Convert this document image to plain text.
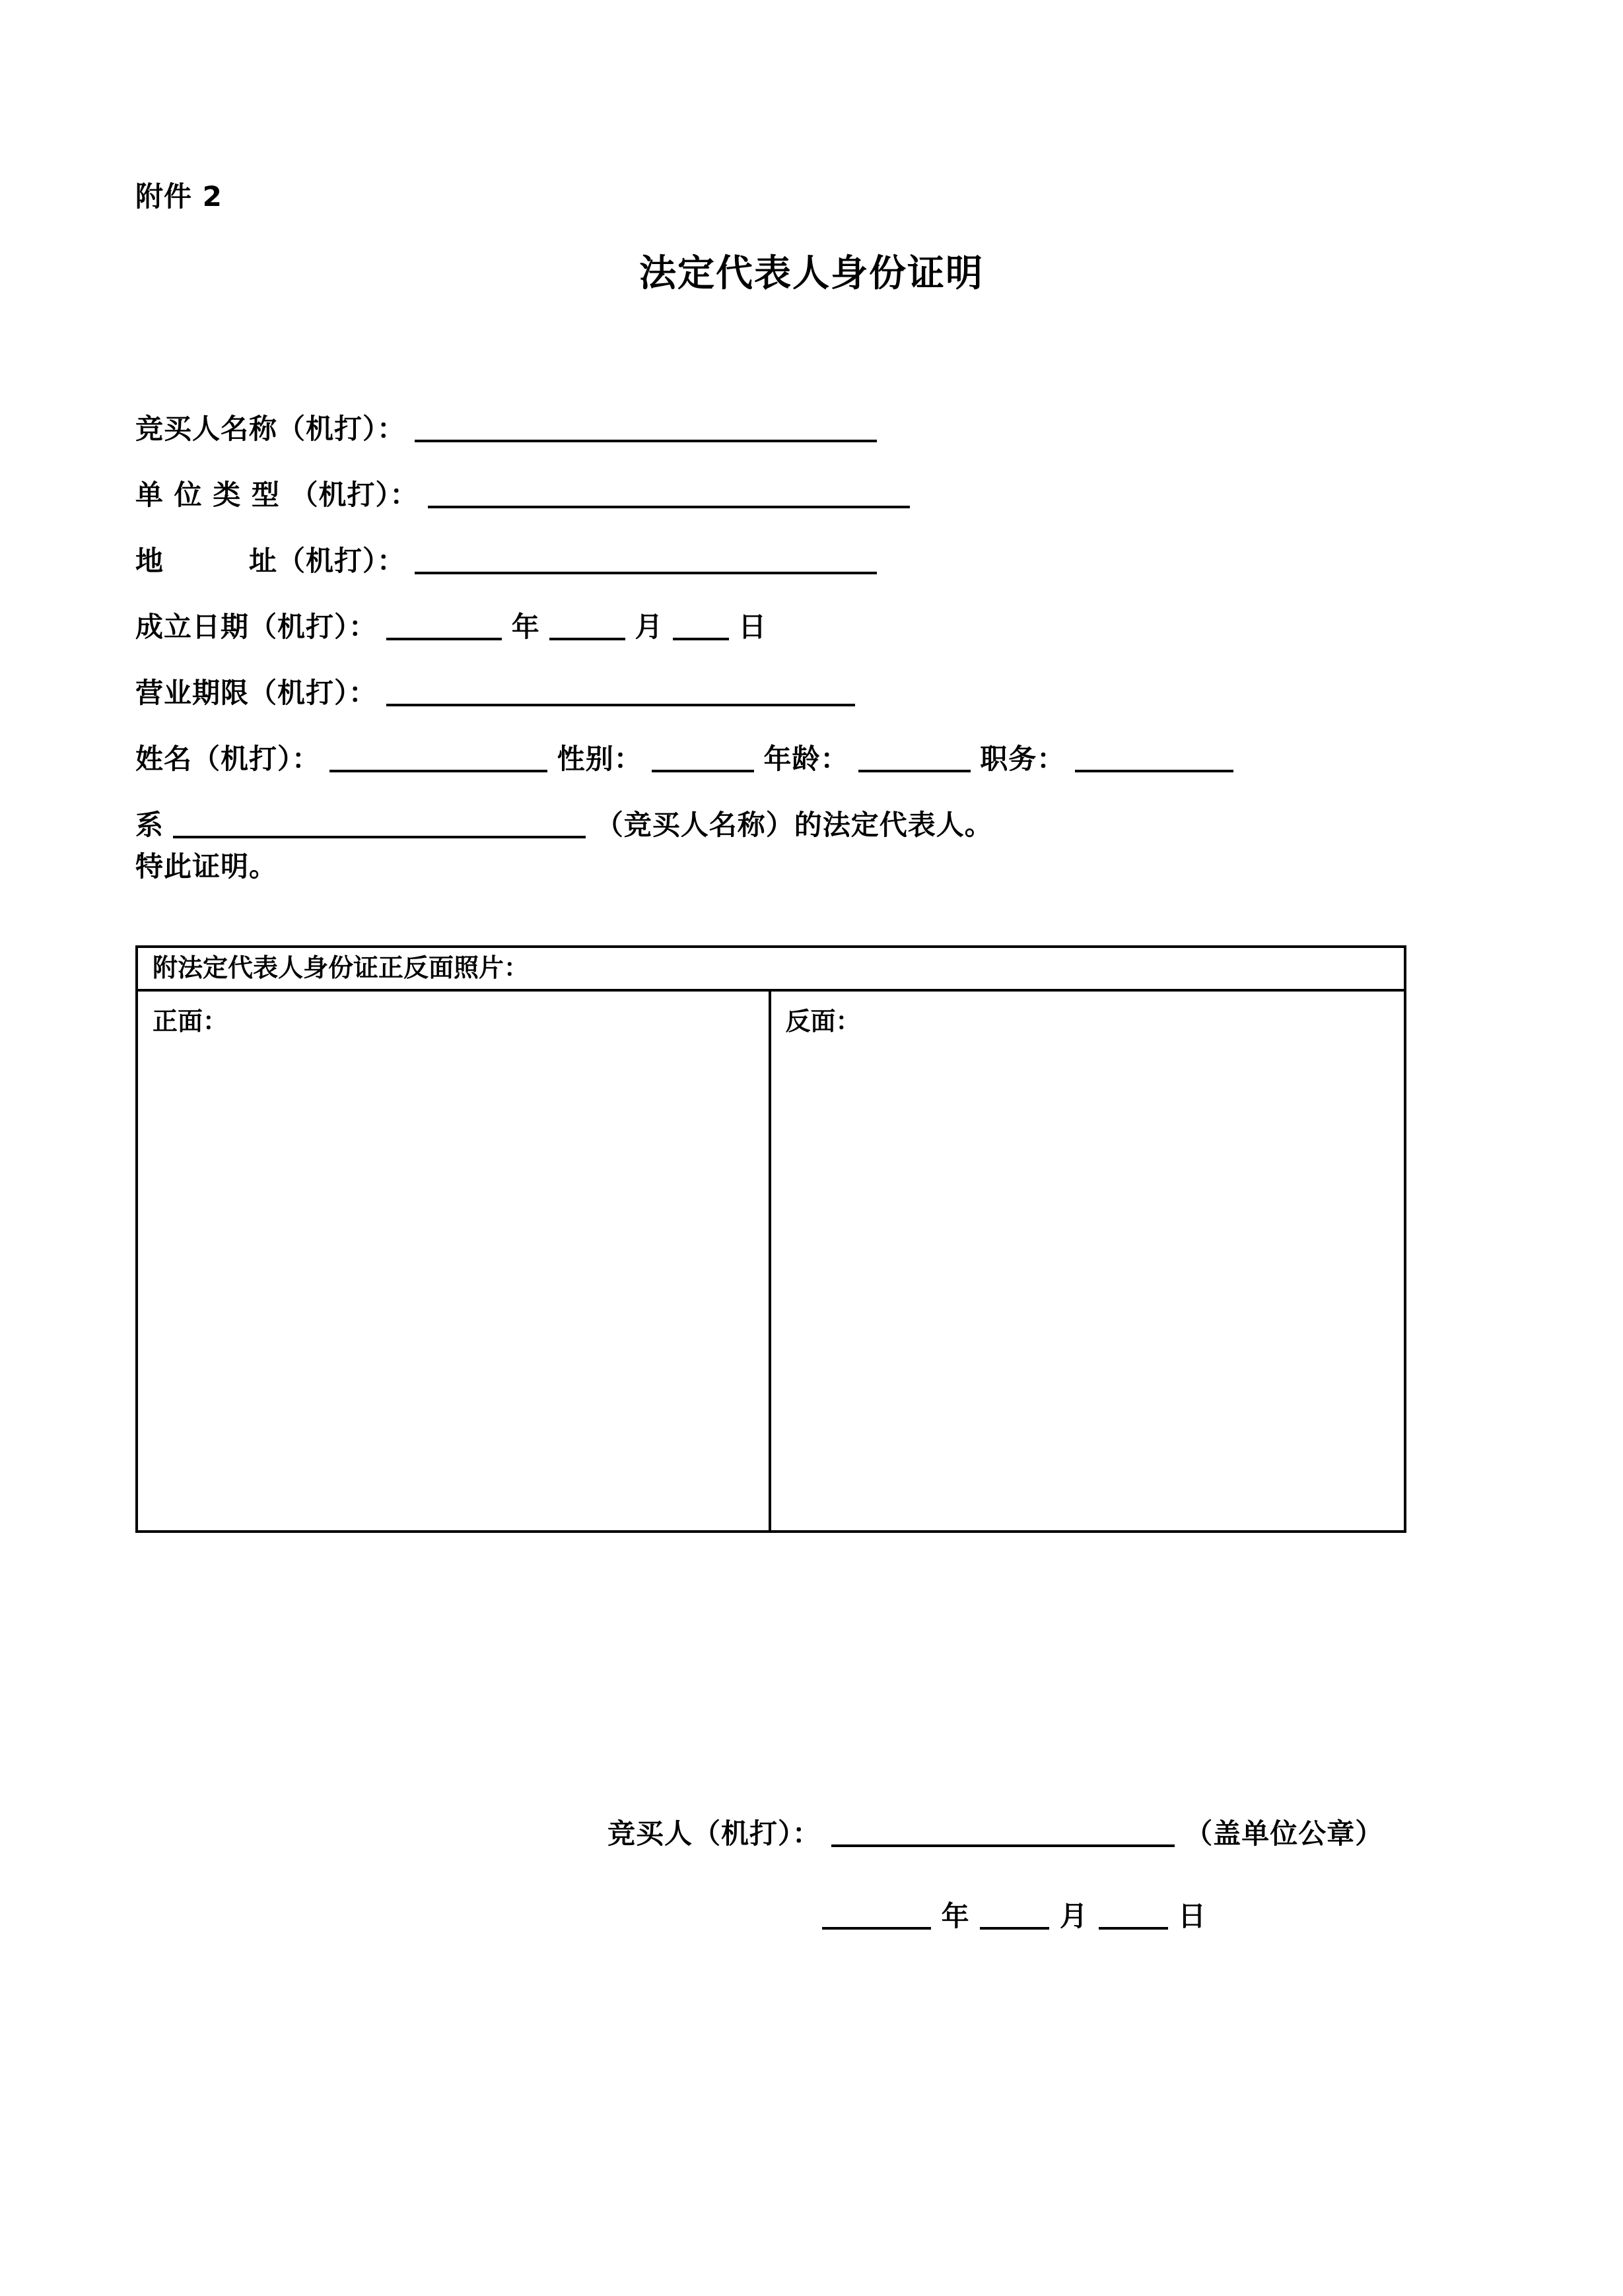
附件 2
法定代表人身份证明
竞买人名称（机打）：
单 位 类 型 （机打）：
地　　　址（机打）：
成立日期（机打）：	年	月	日
营业期限（机打）：
姓名（机打）：	性别：	年龄：	职务：
系	（竞买人名称）的法定代表人。
特此证明。
附法定代表人身份证正反面照片：
正面：	反面：
竞买人（机打）：	（盖单位公章）
年	月	日
